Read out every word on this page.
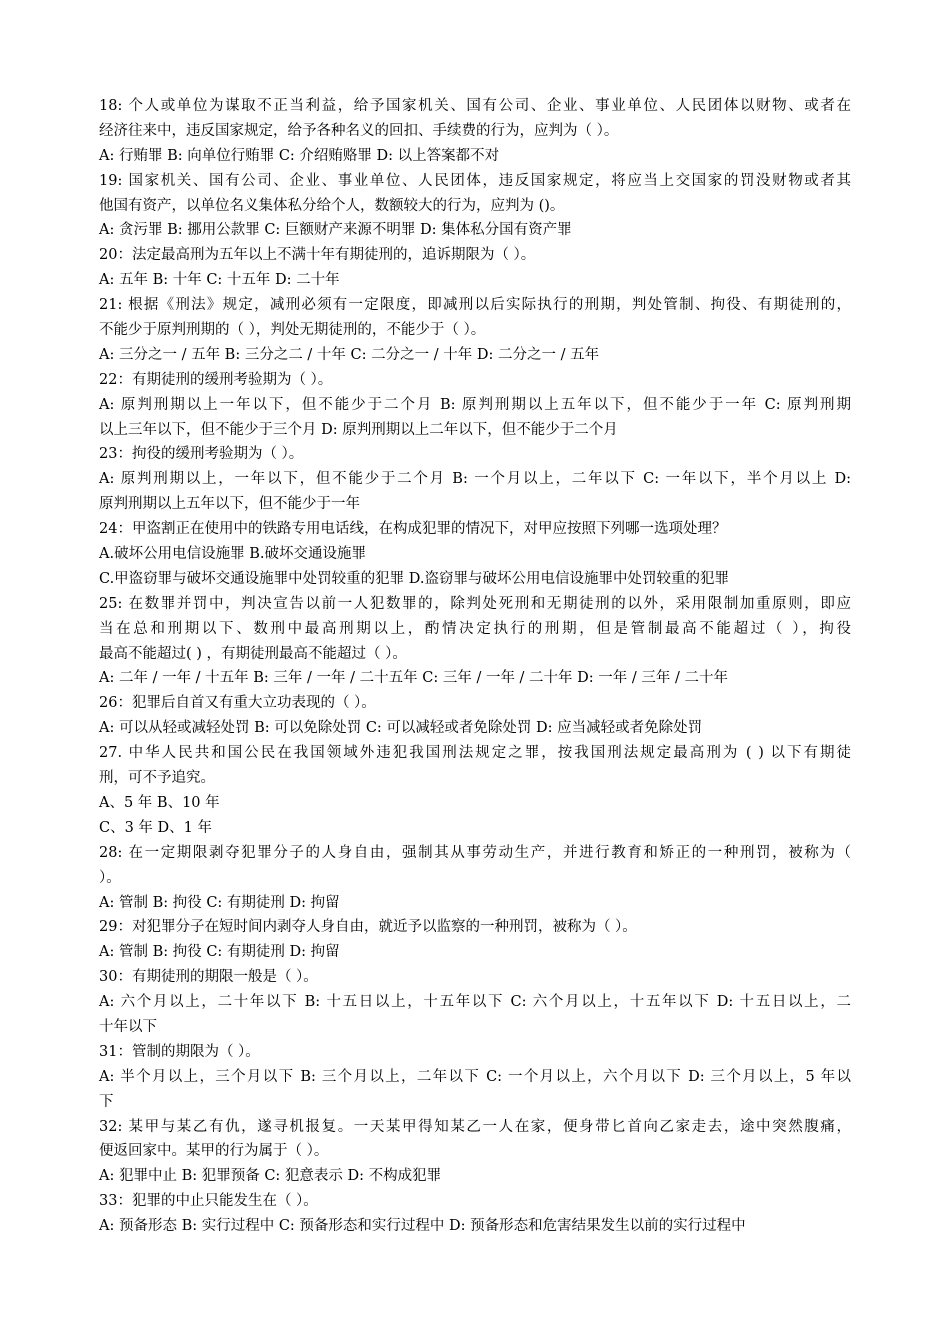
18: 个人或单位为谋取不正当利益，给予国家机关、国有公司、企业、事业单位、人民团体以财物、或者在
经济往来中，违反国家规定，给予各种名义的回扣、手续费的行为，应判为（ ）。
A: 行贿罪 B: 向单位行贿罪 C: 介绍贿赂罪 D: 以上答案都不对
19: 国家机关、国有公司、企业、事业单位、人民团体，违反国家规定，将应当上交国家的罚没财物或者其
他国有资产，以单位名义集体私分给个人，数额较大的行为，应判为 ()。
A: 贪污罪 B: 挪用公款罪 C: 巨额财产来源不明罪 D: 集体私分国有资产罪
20：法定最高刑为五年以上不满十年有期徒刑的，追诉期限为（ ）。
A: 五年 B: 十年 C: 十五年 D: 二十年
21: 根据《刑法》规定，减刑必须有一定限度，即减刑以后实际执行的刑期，判处管制、拘役、有期徒刑的，
不能少于原判刑期的（ ），判处无期徒刑的，不能少于（ ）。
A: 三分之一 / 五年 B: 三分之二 / 十年 C: 二分之一 / 十年 D: 二分之一 / 五年
22：有期徒刑的缓刑考验期为（ ）。
A: 原判刑期以上一年以下，但不能少于二个月 B: 原判刑期以上五年以下，但不能少于一年 C: 原判刑期
以上三年以下，但不能少于三个月 D: 原判刑期以上二年以下，但不能少于二个月
23：拘役的缓刑考验期为（ ）。
A: 原判刑期以上，一年以下，但不能少于二个月 B: 一个月以上，二年以下 C: 一年以下，半个月以上 D:
原判刑期以上五年以下，但不能少于一年
24：甲盗割正在使用中的铁路专用电话线，在构成犯罪的情况下，对甲应按照下列哪一选项处理？
A.破坏公用电信设施罪 B.破坏交通设施罪
C.甲盗窃罪与破坏交通设施罪中处罚较重的犯罪 D.盗窃罪与破坏公用电信设施罪中处罚较重的犯罪
25: 在数罪并罚中，判决宣告以前一人犯数罪的，除判处死刑和无期徒刑的以外，采用限制加重原则，即应
当在总和刑期以下、数刑中最高刑期以上，酌情决定执行的刑期，但是管制最高不能超过（ ），拘役
最高不能超过( ) ，有期徒刑最高不能超过（ ）。
A: 二年 / 一年 / 十五年 B: 三年 / 一年 / 二十五年 C: 三年 / 一年 / 二十年 D: 一年 / 三年 / 二十年
26：犯罪后自首又有重大立功表现的（ ）。
A: 可以从轻或减轻处罚 B: 可以免除处罚 C: 可以减轻或者免除处罚 D: 应当减轻或者免除处罚
27. 中华人民共和国公民在我国领域外违犯我国刑法规定之罪，按我国刑法规定最高刑为 ( ) 以下有期徒
刑，可不予追究。
A、5 年 B、10 年
C、3 年 D、1 年
28: 在一定期限剥夺犯罪分子的人身自由，强制其从事劳动生产，并进行教育和矫正的一种刑罚，被称为（
）。
A: 管制 B: 拘役 C: 有期徒刑 D: 拘留
29：对犯罪分子在短时间内剥夺人身自由，就近予以监察的一种刑罚，被称为（ ）。
A: 管制 B: 拘役 C: 有期徒刑 D: 拘留
30：有期徒刑的期限一般是（ ）。
A: 六个月以上，二十年以下 B: 十五日以上，十五年以下 C: 六个月以上，十五年以下 D: 十五日以上，二
十年以下
31：管制的期限为（ ）。
A: 半个月以上，三个月以下 B: 三个月以上，二年以下 C: 一个月以上，六个月以下 D: 三个月以上，5 年以
下
32: 某甲与某乙有仇，遂寻机报复。一天某甲得知某乙一人在家，便身带匕首向乙家走去，途中突然腹痛，
便返回家中。某甲的行为属于（ ）。
A: 犯罪中止 B: 犯罪预备 C: 犯意表示 D: 不构成犯罪
33：犯罪的中止只能发生在（ ）。
A: 预备形态 B: 实行过程中 C: 预备形态和实行过程中 D: 预备形态和危害结果发生以前的实行过程中
